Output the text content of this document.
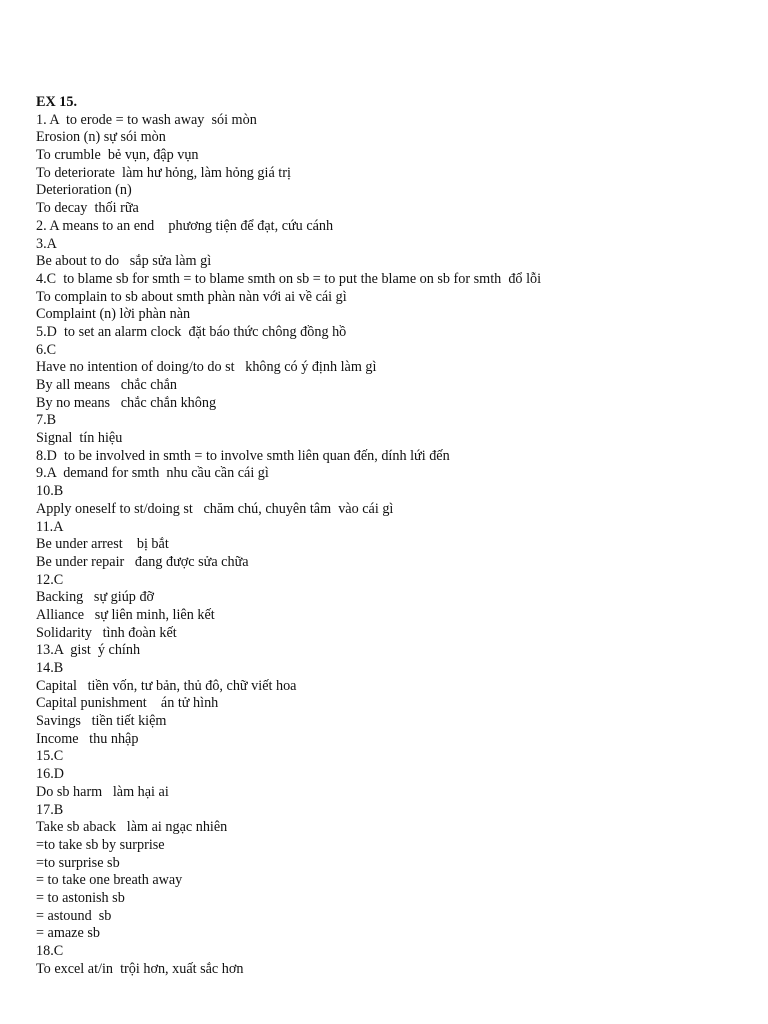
EX 15.
1. A  to erode = to wash away  sói mòn
Erosion (n) sự sói mòn
To crumble  bẻ vụn, đập vụn
To deteriorate  làm hư hỏng, làm hỏng giá trị
Deterioration (n)
To decay  thối rữa
2. A means to an end    phương tiện để đạt, cứu cánh
3.A
Be about to do   sắp sửa làm gì
4.C  to blame sb for smth = to blame smth on sb = to put the blame on sb for smth  đổ lỗi
To complain to sb about smth phàn nàn với ai về cái gì
Complaint (n) lời phàn nàn
5.D  to set an alarm clock  đặt báo thức chông đồng hồ
6.C
Have no intention of doing/to do st   không có ý định làm gì
By all means   chắc chắn
By no means   chắc chắn không
7.B
Signal  tín hiệu
8.D  to be involved in smth = to involve smth liên quan đến, dính lứi đến
9.A  demand for smth  nhu cầu cần cái gì
10.B
Apply oneself to st/doing st   chăm chú, chuyên tâm  vào cái gì
11.A
Be under arrest    bị bắt
Be under repair   đang được sửa chữa
12.C
Backing   sự giúp đỡ
Alliance   sự liên minh, liên kết
Solidarity   tình đoàn kết
13.A  gist  ý chính
14.B
Capital   tiền vốn, tư bản, thủ đô, chữ viết hoa
Capital punishment    án tử hình
Savings   tiền tiết kiệm
Income   thu nhập
15.C
16.D
Do sb harm   làm hại ai
17.B
Take sb aback   làm ai ngạc nhiên
=to take sb by surprise
=to surprise sb
= to take one breath away
= to astonish sb
= astound  sb
= amaze sb
18.C
To excel at/in  trội hơn, xuất sắc hơn
